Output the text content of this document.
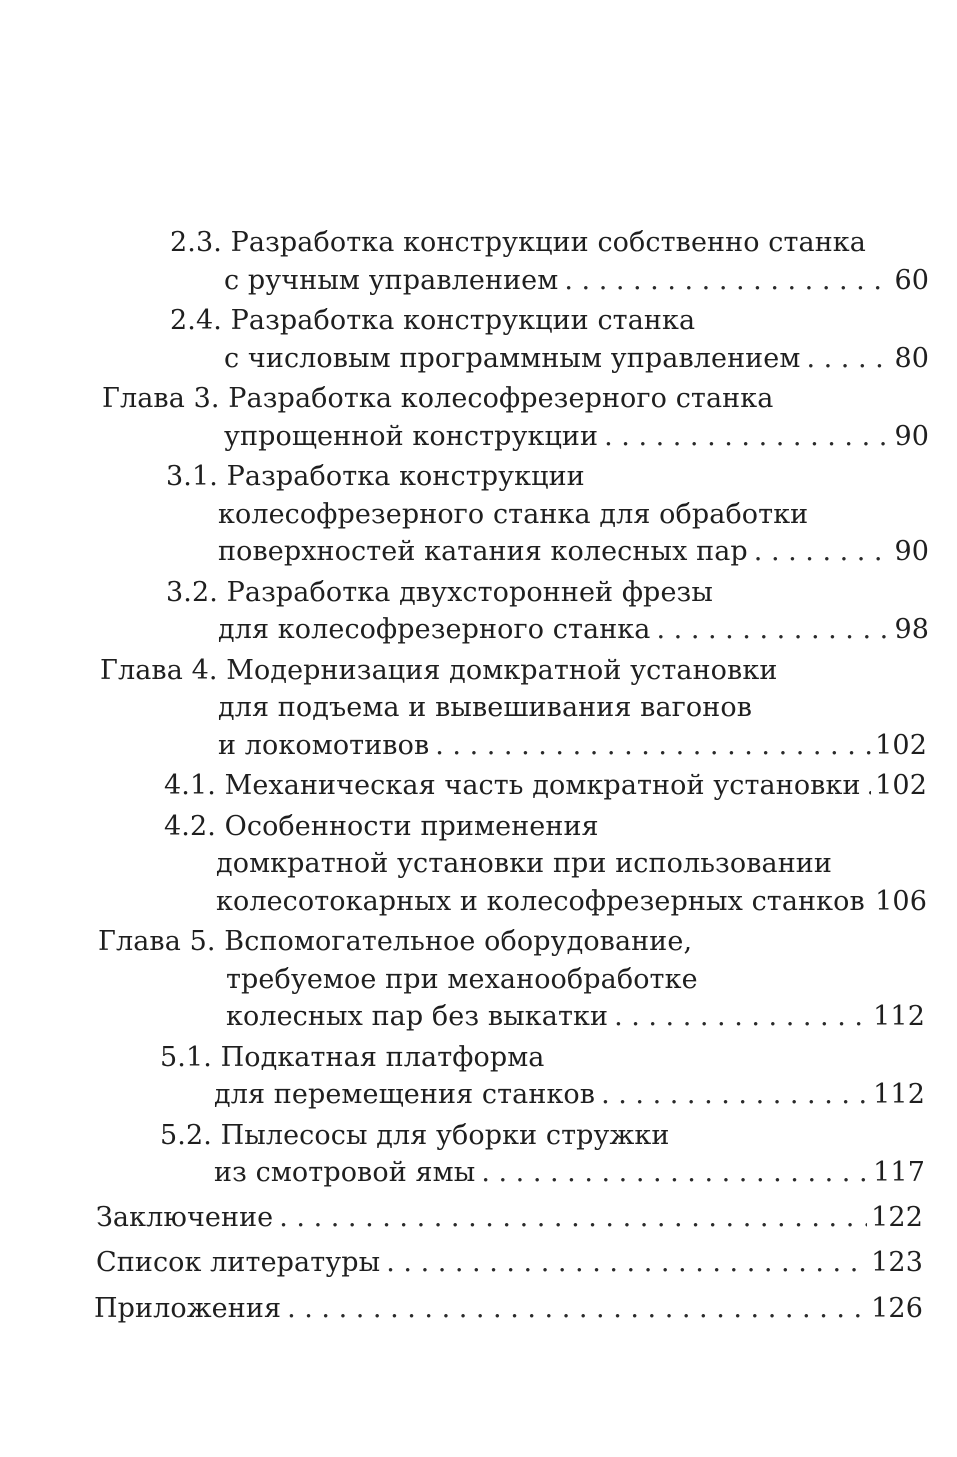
2.3.
Разработка конструкции собственно станка
с ручным управлением . . .	60
2.4.
Разработка конструкции станка
с числовым программным управлением . . .	80
Глава 3.
Разработка колесофрезерного станка
упрощенной конструкции . . .	90
3.1.
Разработка конструкции
колесофрезерного станка для обработки
поверхностей катания колесных пар . . .	90
3.2.
Разработка двухсторонней фрезы
для колесофрезерного станка . . .	98
Глава 4.
Модернизация домкратной установки
для подъема и вывешивания вагонов
и локомотивов . . .	102
4.1.
Механическая часть домкратной установки . . . 102
4.2.
Особенности применения
домкратной установки при использовании
колесотокарных и колесофрезерных станков . . . 106
Глава 5.
Вспомогательное оборудование,
требуемое при механообработке
колесных пар без выкатки . . .	112
5.1.
Подкатная платформа
для перемещения станков . . .	112
5.2.
Пылесосы для уборки стружки
из смотровой ямы . . .	117
Заключение . . .	122
Список литературы . . .	123
Приложения . . .	126
